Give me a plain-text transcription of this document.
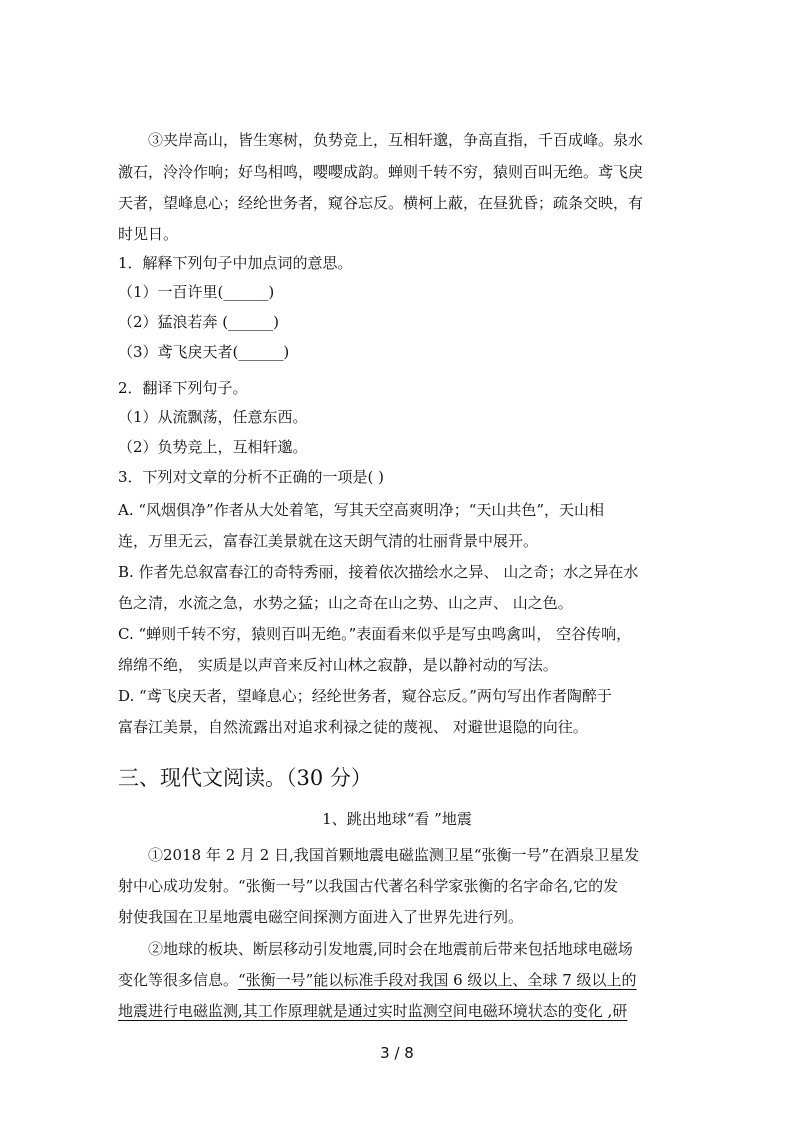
③夹岸高山，皆生寒树，负势竞上，互相轩邈，争高直指，千百成峰。泉水
激石，泠泠作响；好鸟相鸣，嘤嘤成韵。蝉则千转不穷，猿则百叫无绝。鸢飞戾
天者，望峰息心；经纶世务者，窥谷忘反。横柯上蔽，在昼犹昏；疏条交映，有
时见日。
1．解释下列句子中加点词的意思。
（1）一百许里(______)
（2）猛浪若奔 (______)
（3）鸢飞戾天者(______)
2．翻译下列句子。
（1）从流飘荡，任意东西。
（2）负势竞上，互相轩邈。
3．下列对文章的分析不正确的一项是( )
A. “风烟俱净”作者从大处着笔，写其天空高爽明净；“天山共色”，天山相
连，万里无云，富春江美景就在这天朗气清的壮丽背景中展开。
B. 作者先总叙富春江的奇特秀丽，接着依次描绘水之异、 山之奇；水之异在水
色之清，水流之急，水势之猛；山之奇在山之势、山之声、 山之色。
C. “蝉则千转不穷，猿则百叫无绝。”表面看来似乎是写虫鸣禽叫， 空谷传响，
绵绵不绝， 实质是以声音来反衬山林之寂静，是以静衬动的写法。
D. “鸢飞戾天者，望峰息心；经纶世务者，窥谷忘反。”两句写出作者陶醉于
富春江美景，自然流露出对追求利禄之徒的蔑视、 对避世退隐的向往。
三、现代文阅读。（30 分）
1、跳出地球“看 ”地震
①2018 年 2 月 2 日,我国首颗地震电磁监测卫星“张衡一号”在酒泉卫星发
射中心成功发射。“张衡一号”以我国古代著名科学家张衡的名字命名,它的发
射使我国在卫星地震电磁空间探测方面进入了世界先进行列。
②地球的板块、断层移动引发地震,同时会在地震前后带来包括地球电磁场
变化等很多信息。“张衡一号”能以标准手段对我国 6 级以上、全球 7 级以上的
地震进行电磁监测,其工作原理就是通过实时监测空间电磁环境状态的变化 ,研
3 / 8
